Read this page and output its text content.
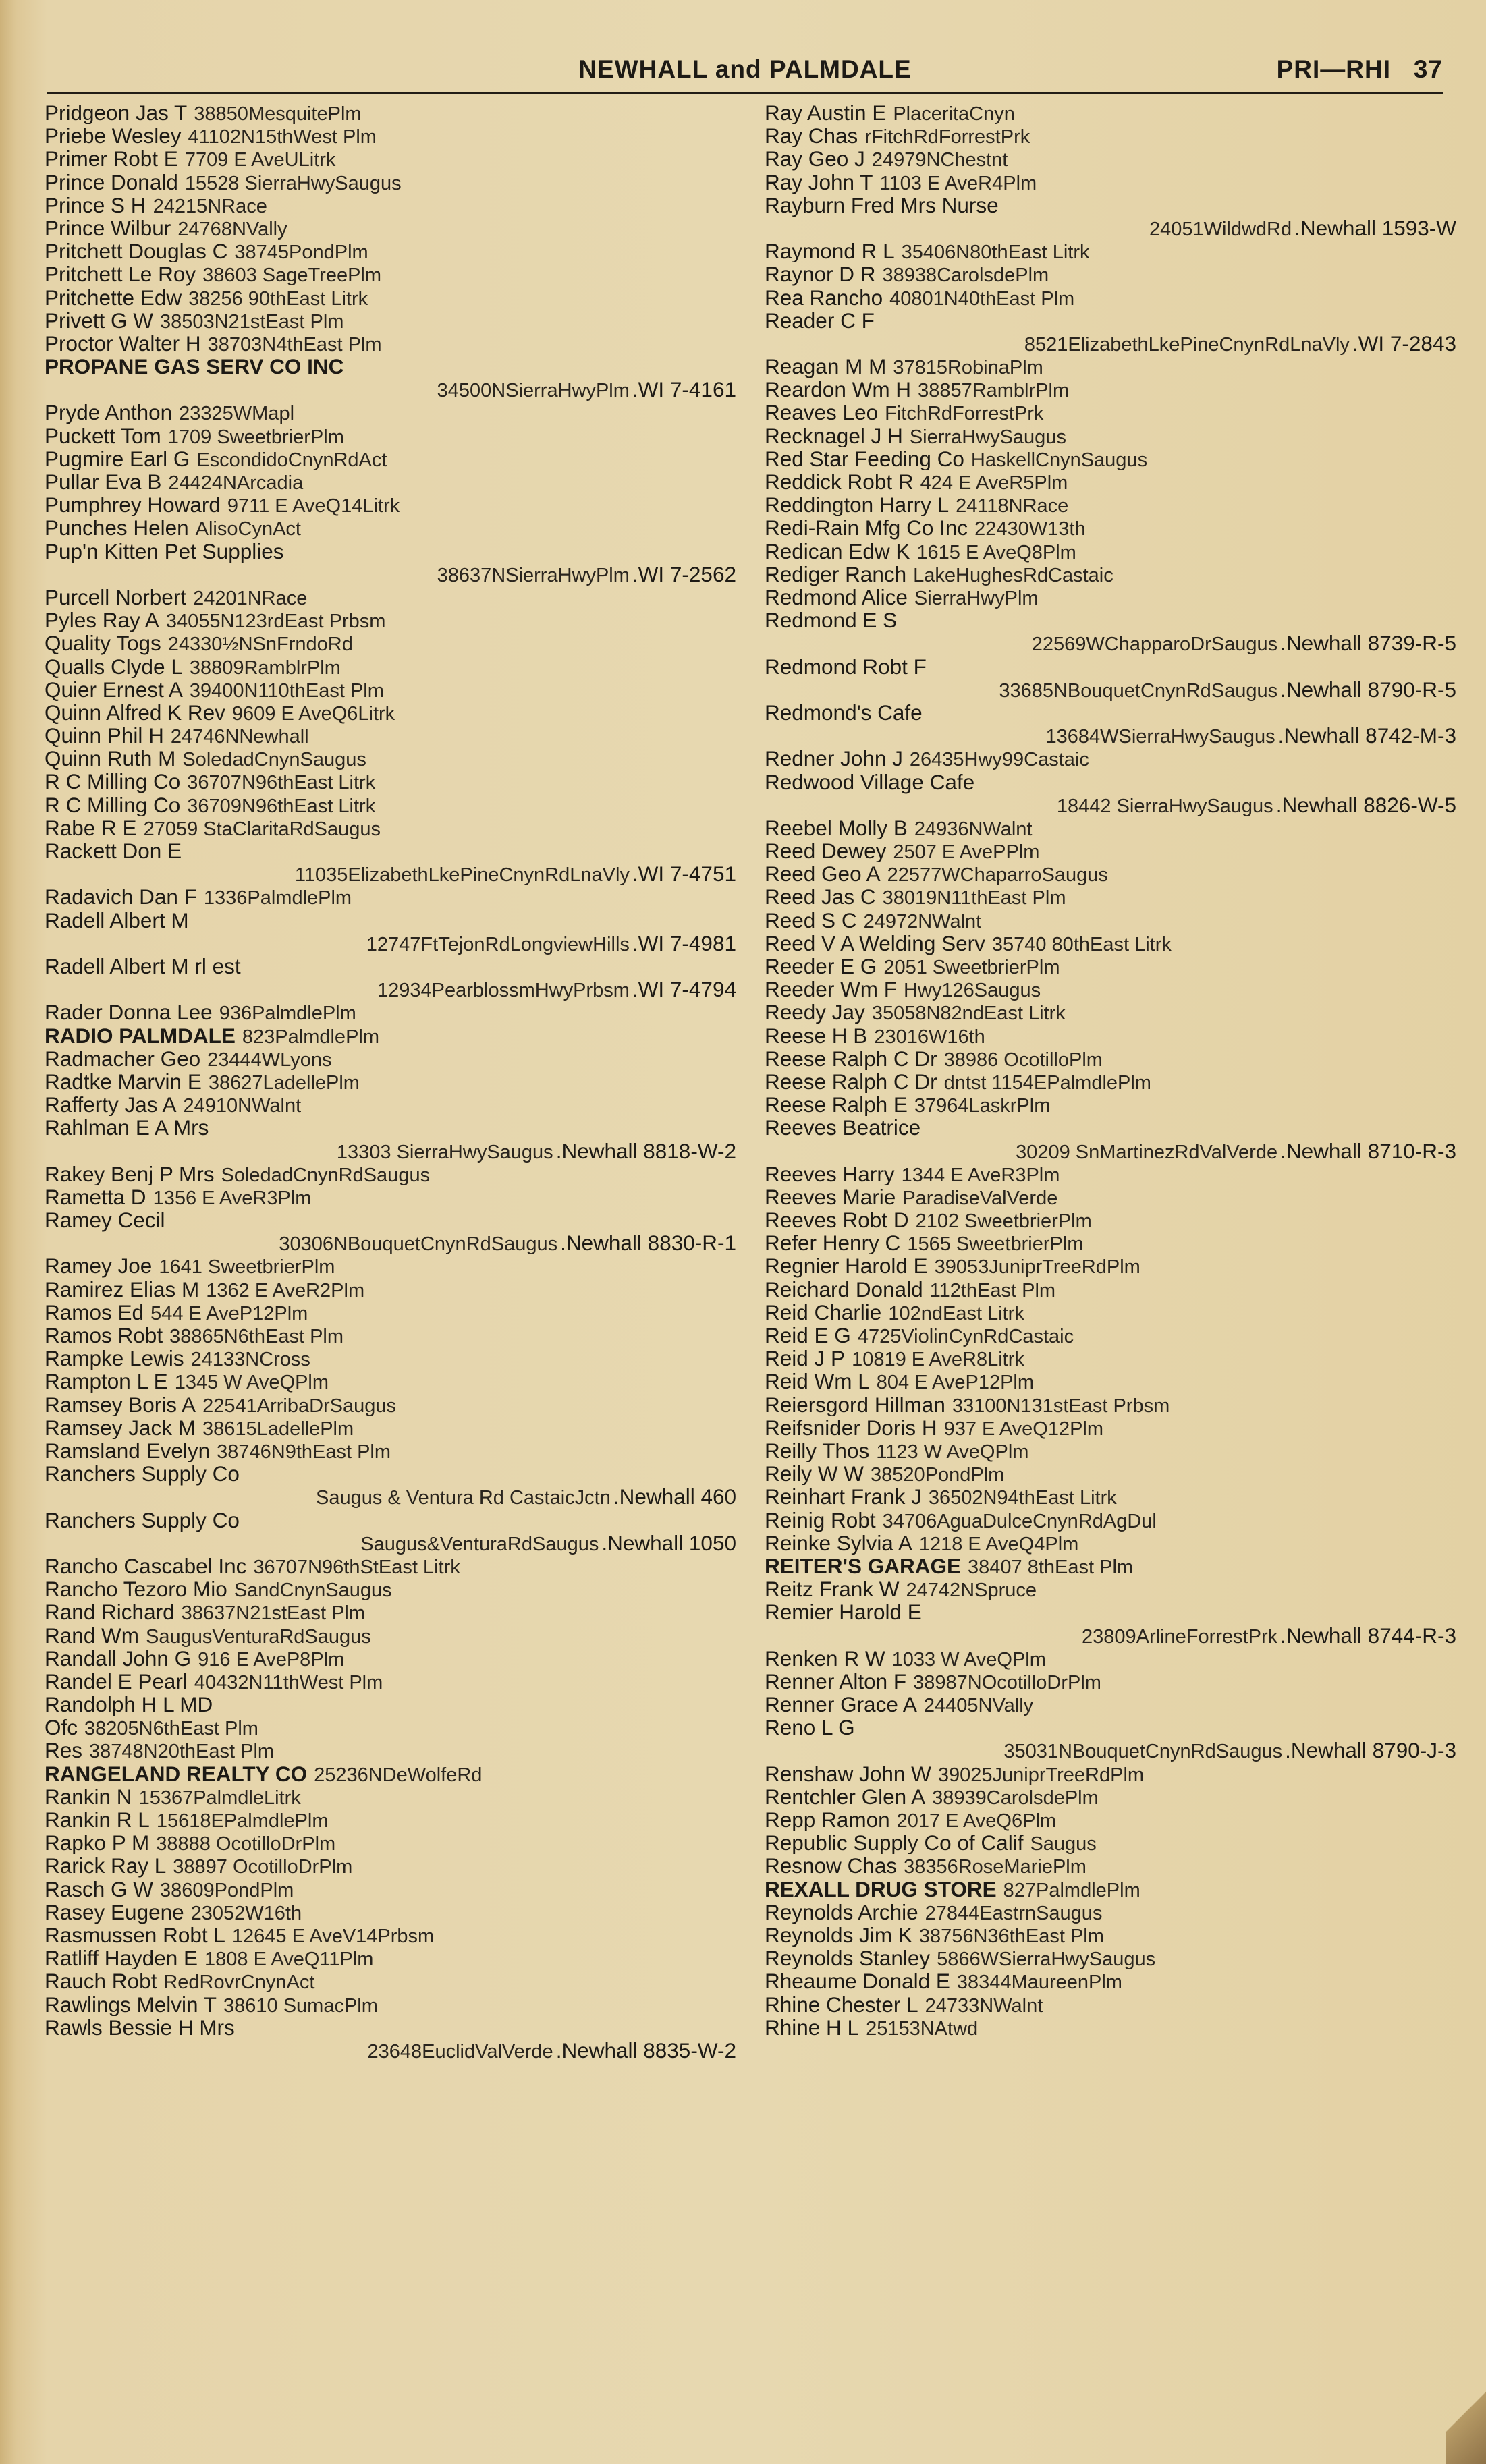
NEWHALL and PALMDALE	PRI—RHI 37
Pridgeon Jas T 38850MesquitePlm
Priebe Wesley 41102N15thWest Plm
Primer Robt E 7709 E AveULitrk
Prince Donald 15528 SierraHwySaugus
Prince S H 24215NRace
Prince Wilbur 24768NVally
Pritchett Douglas C 38745PondPlm
Pritchett Le Roy 38603 SageTreePlm
Pritchette Edw 38256 90thEast Litrk
Privett G W 38503N21stEast Plm
Proctor Walter H 38703N4thEast Plm
PROPANE GAS SERV CO INC
34500NSierraHwyPlm . WI 7-4161
Pryde Anthon 23325WMapl
Puckett Tom 1709 SweetbrierPlm
Pugmire Earl G EscondidoCnynRdAct
Pullar Eva B 24424NArcadia
Pumphrey Howard 9711 E AveQ14Litrk
Punches Helen AlisoCynAct
Pup'n Kitten Pet Supplies
38637NSierraHwyPlm . WI 7-2562
Purcell Norbert 24201NRace
Pyles Ray A 34055N123rdEast Prbsm
Quality Togs 24330½NSnFrndoRd
Qualls Clyde L 38809RamblrPlm
Quier Ernest A 39400N110thEast Plm
Quinn Alfred K Rev 9609 E AveQ6Litrk
Quinn Phil H 24746NNewhall
Quinn Ruth M SoledadCnynSaugus
R C Milling Co 36707N96thEast Litrk
R C Milling Co 36709N96thEast Litrk
Rabe R E 27059 StaClaritaRdSaugus
Rackett Don E
11035ElizabethLkePineCnynRdLnaVly . WI 7-4751
Radavich Dan F 1336PalmdlePlm
Radell Albert M
12747FtTejonRdLongviewHills . WI 7-4981
Radell Albert M rl est
12934PearblossmHwyPrbsm . WI 7-4794
Rader Donna Lee 936PalmdlePlm
RADIO PALMDALE 823PalmdlePlm
Radmacher Geo 23444WLyons
Radtke Marvin E 38627LadellePlm
Rafferty Jas A 24910NWalnt
Rahlman E A Mrs
13303 SierraHwySaugus . Newhall 8818-W-2
Rakey Benj P Mrs SoledadCnynRdSaugus
Rametta D 1356 E AveR3Plm
Ramey Cecil
30306NBouquetCnynRdSaugus . Newhall 8830-R-1
Ramey Joe 1641 SweetbrierPlm
Ramirez Elias M 1362 E AveR2Plm
Ramos Ed 544 E AveP12Plm
Ramos Robt 38865N6thEast Plm
Rampke Lewis 24133NCross
Rampton L E 1345 W AveQPlm
Ramsey Boris A 22541ArribaDrSaugus
Ramsey Jack M 38615LadellePlm
Ramsland Evelyn 38746N9thEast Plm
Ranchers Supply Co
Saugus & Ventura Rd CastaicJctn . Newhall 460
Ranchers Supply Co
Saugus&VenturaRdSaugus . Newhall 1050
Rancho Cascabel Inc 36707N96thStEast Litrk
Rancho Tezoro Mio SandCnynSaugus
Rand Richard 38637N21stEast Plm
Rand Wm SaugusVenturaRdSaugus
Randall John G 916 E AveP8Plm
Randel E Pearl 40432N11thWest Plm
Randolph H L MD
Ofc 38205N6thEast Plm
Res 38748N20thEast Plm
RANGELAND REALTY CO 25236NDeWolfeRd
Rankin N 15367PalmdleLitrk
Rankin R L 15618EPalmdlePlm
Rapko P M 38888 OcotilloDrPlm
Rarick Ray L 38897 OcotilloDrPlm
Rasch G W 38609PondPlm
Rasey Eugene 23052W16th
Rasmussen Robt L 12645 E AveV14Prbsm
Ratliff Hayden E 1808 E AveQ11Plm
Rauch Robt RedRovrCnynAct
Rawlings Melvin T 38610 SumacPlm
Rawls Bessie H Mrs
23648EuclidValVerde . Newhall 8835-W-2
Ray Austin E PlaceritaCnyn
Ray Chas rFitchRdForrestPrk
Ray Geo J 24979NChestnt
Ray John T 1103 E AveR4Plm
Rayburn Fred Mrs Nurse
24051WildwdRd . Newhall 1593-W
Raymond R L 35406N80thEast Litrk
Raynor D R 38938CarolsdePlm
Rea Rancho 40801N40thEast Plm
Reader C F
8521ElizabethLkePineCnynRdLnaVly . WI 7-2843
Reagan M M 37815RobinaPlm
Reardon Wm H 38857RamblrPlm
Reaves Leo FitchRdForrestPrk
Recknagel J H SierraHwySaugus
Red Star Feeding Co HaskellCnynSaugus
Reddick Robt R 424 E AveR5Plm
Reddington Harry L 24118NRace
Redi-Rain Mfg Co Inc 22430W13th
Redican Edw K 1615 E AveQ8Plm
Rediger Ranch LakeHughesRdCastaic
Redmond Alice SierraHwyPlm
Redmond E S
22569WChapparoDrSaugus . Newhall 8739-R-5
Redmond Robt F
33685NBouquetCnynRdSaugus . Newhall 8790-R-5
Redmond's Cafe
13684WSierraHwySaugus . Newhall 8742-M-3
Redner John J 26435Hwy99Castaic
Redwood Village Cafe
18442 SierraHwySaugus . Newhall 8826-W-5
Reebel Molly B 24936NWalnt
Reed Dewey 2507 E AvePPlm
Reed Geo A 22577WChaparroSaugus
Reed Jas C 38019N11thEast Plm
Reed S C 24972NWalnt
Reed V A Welding Serv 35740 80thEast Litrk
Reeder E G 2051 SweetbrierPlm
Reeder Wm F Hwy126Saugus
Reedy Jay 35058N82ndEast Litrk
Reese H B 23016W16th
Reese Ralph C Dr 38986 OcotilloPlm
Reese Ralph C Dr dntst 1154EPalmdlePlm
Reese Ralph E 37964LaskrPlm
Reeves Beatrice
30209 SnMartinezRdValVerde . Newhall 8710-R-3
Reeves Harry 1344 E AveR3Plm
Reeves Marie ParadiseValVerde
Reeves Robt D 2102 SweetbrierPlm
Refer Henry C 1565 SweetbrierPlm
Regnier Harold E 39053JuniprTreeRdPlm
Reichard Donald 112thEast Plm
Reid Charlie 102ndEast Litrk
Reid E G 4725ViolinCynRdCastaic
Reid J P 10819 E AveR8Litrk
Reid Wm L 804 E AveP12Plm
Reiersgord Hillman 33100N131stEast Prbsm
Reifsnider Doris H 937 E AveQ12Plm
Reilly Thos 1123 W AveQPlm
Reily W W 38520PondPlm
Reinhart Frank J 36502N94thEast Litrk
Reinig Robt 34706AguaDulceCnynRdAgDul
Reinke Sylvia A 1218 E AveQ4Plm
REITER'S GARAGE 38407 8thEast Plm
Reitz Frank W 24742NSpruce
Remier Harold E
23809ArlineForrestPrk . Newhall 8744-R-3
Renken R W 1033 W AveQPlm
Renner Alton F 38987NOcotilloDrPlm
Renner Grace A 24405NVally
Reno L G
35031NBouquetCnynRdSaugus . Newhall 8790-J-3
Renshaw John W 39025JuniprTreeRdPlm
Rentchler Glen A 38939CarolsdePlm
Repp Ramon 2017 E AveQ6Plm
Republic Supply Co of Calif Saugus
Resnow Chas 38356RoseMariePlm
REXALL DRUG STORE 827PalmdlePlm
Reynolds Archie 27844EastrnSaugus
Reynolds Jim K 38756N36thEast Plm
Reynolds Stanley 5866WSierraHwySaugus
Rheaume Donald E 38344MaureenPlm
Rhine Chester L 24733NWalnt
Rhine H L 25153NAtwd
